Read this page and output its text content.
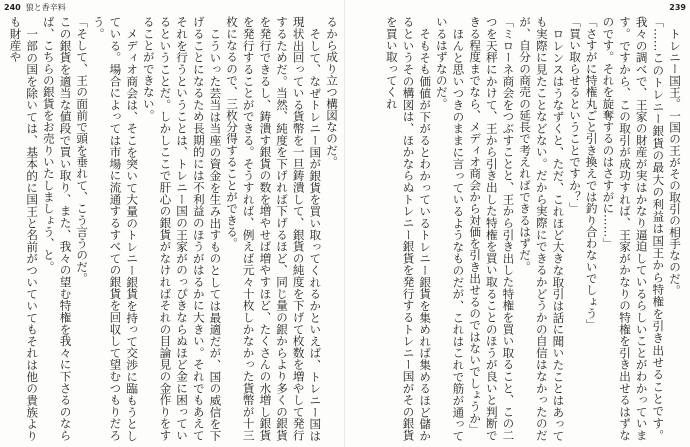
240 狼と香辛料	239
るから成り立つ構図なのだ。
そして、なぜトレニー国が銀貨を買い取ってくれるかといえば、トレニー国は現状出回っている貨幣を一旦鋳潰して、銀貨の純度を下げて枚数を増やして発行するためだ。当然、純度を下げれば下げるほど、同じ量の銀からより多くの銀貨を発行できるし、鋳潰す銀貨の数を増やせば増やすほど、たくさんの水増し銀貨を発行することができる。そうすれば、例えば元々十枚しかなかった貨幣が十三枚になるので、三枚分得することができる。
こういった芸当は当座の資金を生み出すものとしては最適だが、国の威信を下げることになるため長期的には不利益のほうがはるかに大きい。それでもあえてそれを行うということは、トレニー国の王家がのっぴきならぬほど金に困っているということだ。しかしここで肝心の銀貨がなければそれの目論見の金作りをすることができない。
メディオ商会は、そこを突いて大量のトレニー銀貨を持って交渉に臨もうとしている。場合によっては市場に流通するすべての銀貨を回収して望むつもりだろう。
「そして、王の面前で頭を垂れて、こう言うのだ。
この銀貨を適当な値段で買い取り、また、我々の望む特権を我々に下さるのならば、こちらの銀貨をお売りいたしましょう、と。
一部の国を除いては、基本的に国王と名前がついていてもそれは他の貴族よりも財産や	トレニー国王。一国の王がその取引の相手なのだ。
「……このトレニー銀貨の最大の利益は国王から特権を引き出せることです。我々の調べで、王家の財産が実はかなり逼迫しているらしいことがわかっています。ですから、この取引が成功すれば、王家がかなりの特権を引き出せるはずなのです。それを旋奪するのはさすがに……」
「さすがに特権丸ごと引き換えでは釣り合わないでしょう」
「買い取らせるということですか？」
ロレンスはうなずくと、ただ、これほど大きな取引は話に聞いたことはあっても実際に見たことなどない。だから実際にできるかどうかの自信はなかったのだが、自分の商売の延長で考えればできるはずだ。
「ミローネ商会をつぶすことと、王から引き出した特権を買い取ること、この二つを天秤にかけて、王から引き出した特権を買い取ることのほうが良いと判断できる程度までなら、メディオ商会から対価を引き出せるのではないでしょうか」
ほんと思いつきのままに言っているようなものだが、これはこれで筋が通っているはずなのだ。
そもそも価値が下がるとわかっているトレニー銀貨を集めれば集めるほど儲かるというその構図は、ほかならぬトレニー銀貨を発行するトレニー国がその銀貨を買い取ってくれ
